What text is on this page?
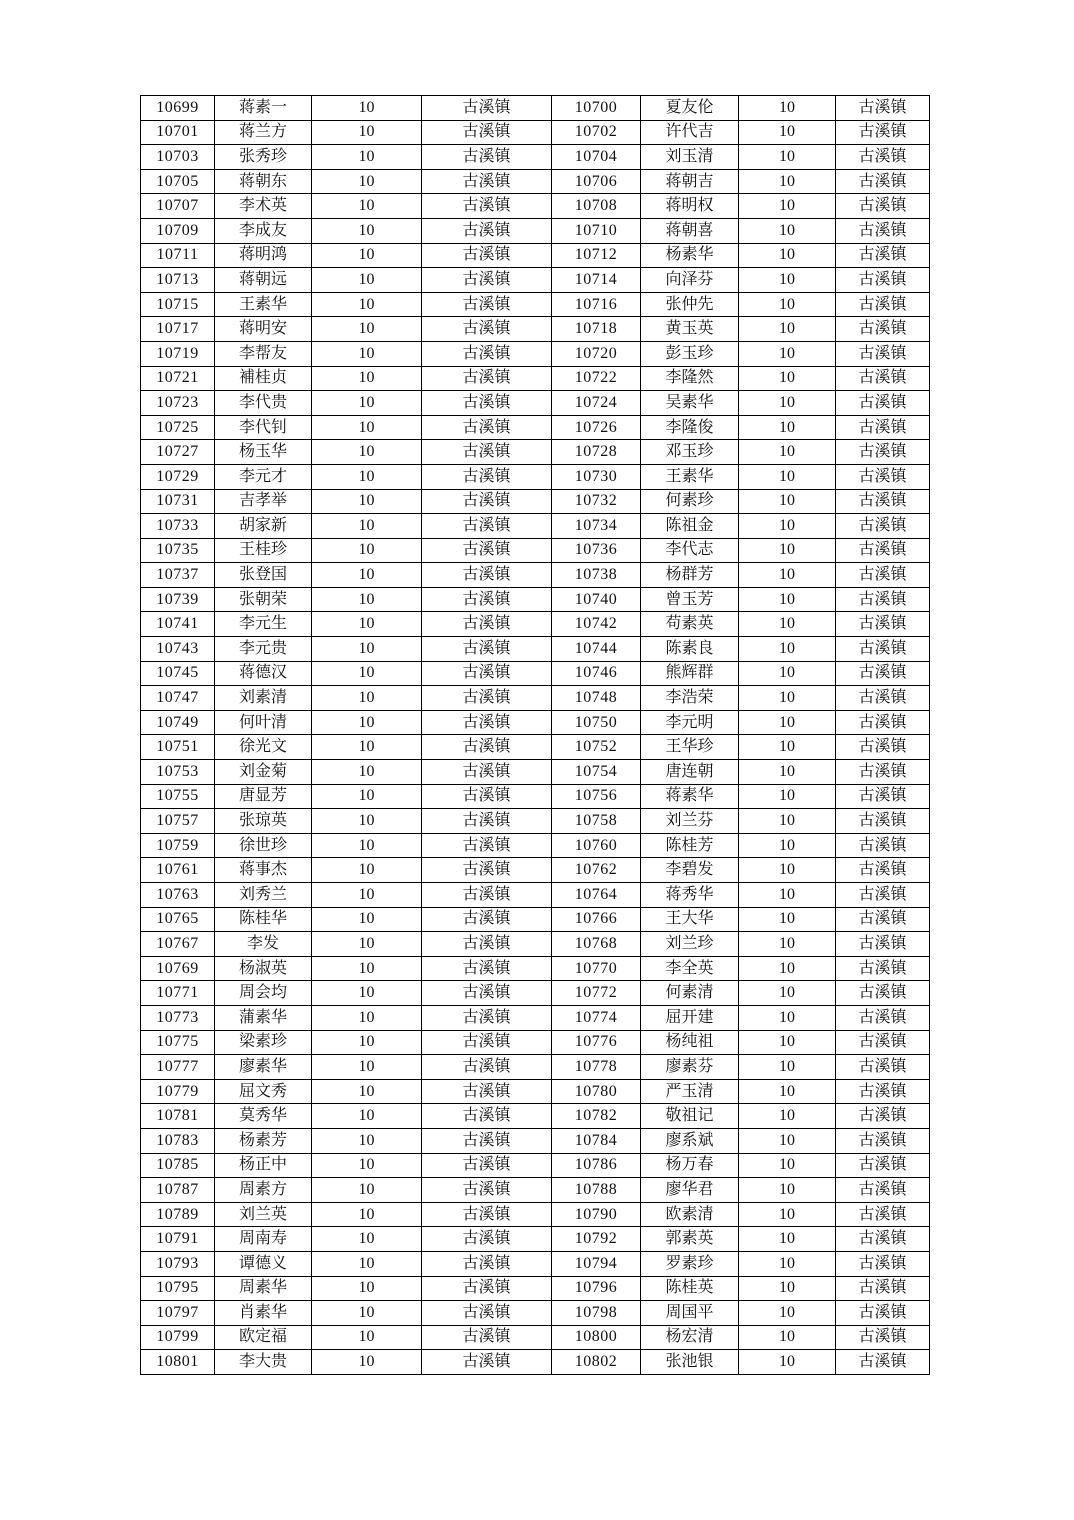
10699	蒋素一	10	古溪镇	10700	夏友伦	10	古溪镇
10701	蒋兰方	10	古溪镇	10702	许代吉	10	古溪镇
10703	张秀珍	10	古溪镇	10704	刘玉清	10	古溪镇
10705	蒋朝东	10	古溪镇	10706	蒋朝吉	10	古溪镇
10707	李术英	10	古溪镇	10708	蒋明权	10	古溪镇
10709	李成友	10	古溪镇	10710	蒋朝喜	10	古溪镇
10711	蒋明鸿	10	古溪镇	10712	杨素华	10	古溪镇
10713	蒋朝远	10	古溪镇	10714	向泽芬	10	古溪镇
10715	王素华	10	古溪镇	10716	张仲先	10	古溪镇
10717	蒋明安	10	古溪镇	10718	黄玉英	10	古溪镇
10719	李帮友	10	古溪镇	10720	彭玉珍	10	古溪镇
10721	補桂贞	10	古溪镇	10722	李隆然	10	古溪镇
10723	李代贵	10	古溪镇	10724	吴素华	10	古溪镇
10725	李代钊	10	古溪镇	10726	李隆俊	10	古溪镇
10727	杨玉华	10	古溪镇	10728	邓玉珍	10	古溪镇
10729	李元才	10	古溪镇	10730	王素华	10	古溪镇
10731	吉孝举	10	古溪镇	10732	何素珍	10	古溪镇
10733	胡家新	10	古溪镇	10734	陈祖金	10	古溪镇
10735	王桂珍	10	古溪镇	10736	李代志	10	古溪镇
10737	张登国	10	古溪镇	10738	杨群芳	10	古溪镇
10739	张朝荣	10	古溪镇	10740	曾玉芳	10	古溪镇
10741	李元生	10	古溪镇	10742	苟素英	10	古溪镇
10743	李元贵	10	古溪镇	10744	陈素良	10	古溪镇
10745	蒋德汉	10	古溪镇	10746	熊辉群	10	古溪镇
10747	刘素清	10	古溪镇	10748	李浩荣	10	古溪镇
10749	何叶清	10	古溪镇	10750	李元明	10	古溪镇
10751	徐光文	10	古溪镇	10752	王华珍	10	古溪镇
10753	刘金菊	10	古溪镇	10754	唐连朝	10	古溪镇
10755	唐显芳	10	古溪镇	10756	蒋素华	10	古溪镇
10757	张琼英	10	古溪镇	10758	刘兰芬	10	古溪镇
10759	徐世珍	10	古溪镇	10760	陈桂芳	10	古溪镇
10761	蒋事杰	10	古溪镇	10762	李碧发	10	古溪镇
10763	刘秀兰	10	古溪镇	10764	蒋秀华	10	古溪镇
10765	陈桂华	10	古溪镇	10766	王大华	10	古溪镇
10767	李发	10	古溪镇	10768	刘兰珍	10	古溪镇
10769	杨淑英	10	古溪镇	10770	李全英	10	古溪镇
10771	周会均	10	古溪镇	10772	何素清	10	古溪镇
10773	蒲素华	10	古溪镇	10774	屈开建	10	古溪镇
10775	梁素珍	10	古溪镇	10776	杨纯祖	10	古溪镇
10777	廖素华	10	古溪镇	10778	廖素芬	10	古溪镇
10779	屈文秀	10	古溪镇	10780	严玉清	10	古溪镇
10781	莫秀华	10	古溪镇	10782	敬祖记	10	古溪镇
10783	杨素芳	10	古溪镇	10784	廖系斌	10	古溪镇
10785	杨正中	10	古溪镇	10786	杨万春	10	古溪镇
10787	周素方	10	古溪镇	10788	廖华君	10	古溪镇
10789	刘兰英	10	古溪镇	10790	欧素清	10	古溪镇
10791	周南寿	10	古溪镇	10792	郭素英	10	古溪镇
10793	谭德义	10	古溪镇	10794	罗素珍	10	古溪镇
10795	周素华	10	古溪镇	10796	陈桂英	10	古溪镇
10797	肖素华	10	古溪镇	10798	周国平	10	古溪镇
10799	欧定福	10	古溪镇	10800	杨宏清	10	古溪镇
10801	李大贵	10	古溪镇	10802	张池银	10	古溪镇
